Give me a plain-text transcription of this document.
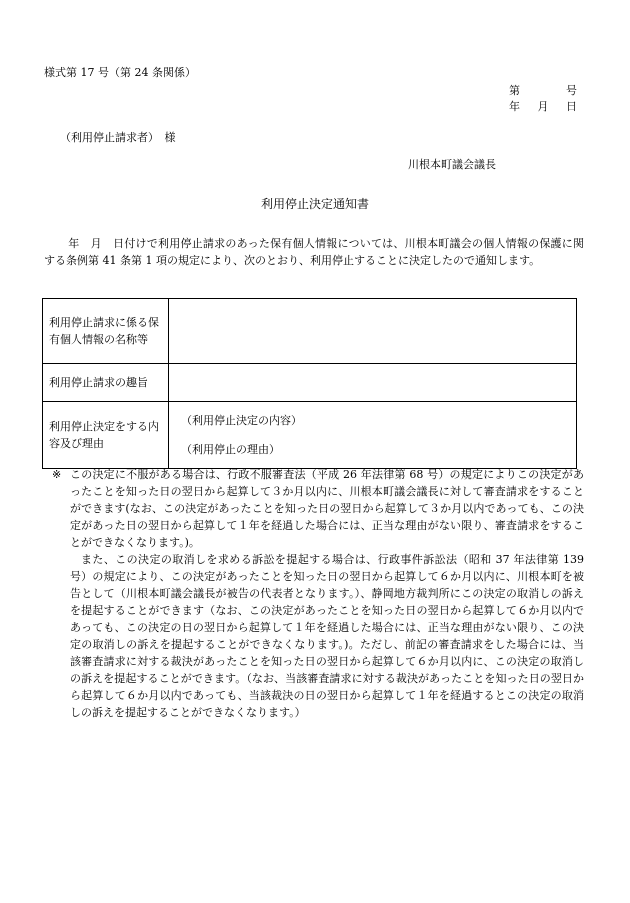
様式第 17 号（第 24 条関係）
第	号
年 月 日
（利用停止請求者）　様
川根本町議会議長
利用停止決定通知書
年　月　日付けで利用停止請求のあった保有個人情報については、川根本町議会の個人情報の保護に関する条例第 41 条第 1 項の規定により、次のとおり、利用停止することに決定したので通知します。
利用停止請求に係る保有個人情報の名称等	
利用停止請求の趣旨	
利用停止決定をする内容及び理由	（利用停止決定の内容）
（利用停止の理由）

※ この決定に不服がある場合は、行政不服審査法（平成 26 年法律第 68 号）の規定によりこの決定があったことを知った日の翌日から起算して３か月以内に、川根本町議会議長に対して審査請求をすることができます(なお、この決定があったことを知った日の翌日から起算して３か月以内であっても、この決定があった日の翌日から起算して１年を経過した場合には、正当な理由がない限り、審査請求をすることができなくなります。)。

また、この決定の取消しを求める訴訟を提起する場合は、行政事件訴訟法（昭和 37 年法律第 139 号）の規定により、この決定があったことを知った日の翌日から起算して６か月以内に、川根本町を被告として（川根本町議会議長が被告の代表者となります。）、静岡地方裁判所にこの決定の取消しの訴えを提起することができます（なお、この決定があったことを知った日の翌日から起算して６か月以内であっても、この決定の日の翌日から起算して１年を経過した場合には、正当な理由がない限り、この決定の取消しの訴えを提起することができなくなります。)。ただし、前記の審査請求をした場合には、当該審査請求に対する裁決があったことを知った日の翌日から起算して６か月以内に、この決定の取消しの訴えを提起することができます。（なお、当該審査請求に対する裁決があったことを知った日の翌日から起算して６か月以内であっても、当該裁決の日の翌日から起算して１年を経過するとこの決定の取消しの訴えを提起することができなくなります。）
